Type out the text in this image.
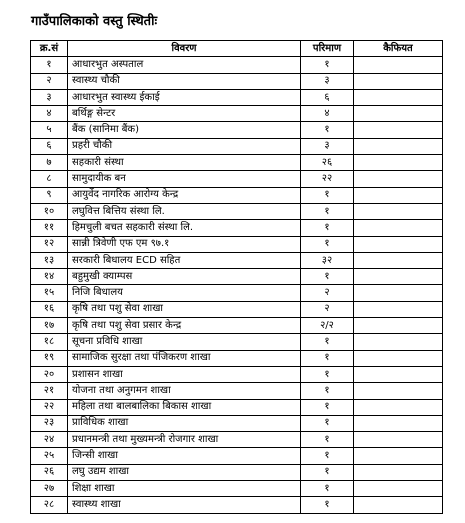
गाउँपालिकाको वस्तु स्थितीः
क्र.सं	विवरण	परिमाण	कैफियत
१	आधारभुत अस्पताल	१	
२	स्वास्थ्य चौकी	३	
३	आधारभुत स्वास्थ्य ईकाई	६	
४	बर्थिङ्ग सेन्टर	४	
५	बैंक (सानिमा बैंक)	१	
६	प्रहरी चौकी	३	
७	सहकारी संस्था	२६	
८	सामुदायीक बन	२२	
९	आयुर्वेद नागरिक आरोग्य केन्द्र	१	
१०	लघुवित्त बित्तिय संस्था लि.	१	
११	हिमचुली बचत सहकारी संस्था लि.	१	
१२	सान्नी त्रिवेणी एफ एम ९७.१	१	
१३	सरकारी बिधालय ECD सहित	३२	
१४	बहुमुखी क्याम्पस	१	
१५	निजि बिधालय	२	
१६	कृषि तथा पशु सेवा शाखा	२	
१७	कृषि तथा पशु सेवा प्रसार केन्द्र	२/२	
१८	सूचना प्रविधि शाखा	१	
१९	सामाजिक सुरक्षा तथा पंजिकरण शाखा	१	
२०	प्रशासन शाखा	१	
२१	योजना तथा अनुगमन शाखा	१	
२२	महिला तथा बालबालिका बिकास शाखा	१	
२३	प्राविधिक शाखा	१	
२४	प्रधानमन्त्री तथा मुख्यमन्त्री रोजगार शाखा	१	
२५	जिन्सी शाखा	१	
२६	लघु उद्यम शाखा	१	
२७	शिक्षा शाखा	१	
२८	स्वास्थ्य शाखा	१	
